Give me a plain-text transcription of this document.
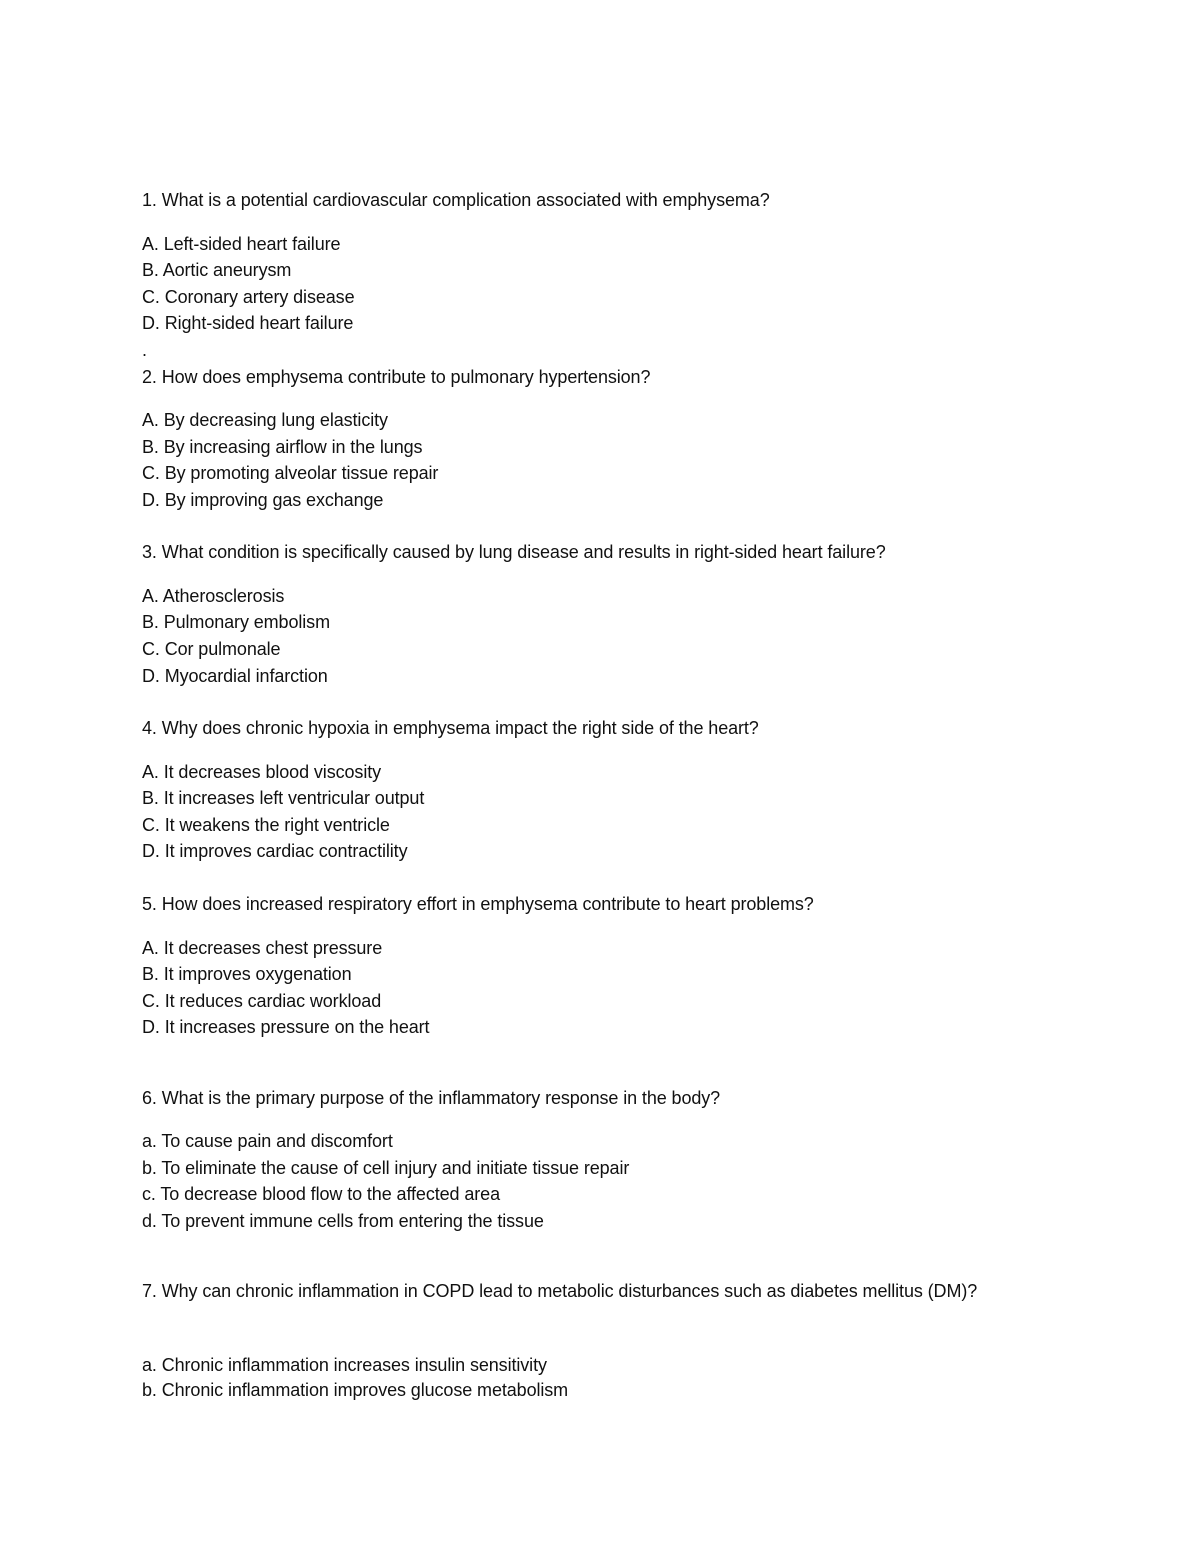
1. What is a potential cardiovascular complication associated with emphysema?
A. Left-sided heart failure
B. Aortic aneurysm
C. Coronary artery disease
D. Right-sided heart failure
.
2. How does emphysema contribute to pulmonary hypertension?
A. By decreasing lung elasticity
B. By increasing airflow in the lungs
C. By promoting alveolar tissue repair
D. By improving gas exchange
3. What condition is specifically caused by lung disease and results in right-sided heart failure?
A. Atherosclerosis
B. Pulmonary embolism
C. Cor pulmonale
D. Myocardial infarction
4. Why does chronic hypoxia in emphysema impact the right side of the heart?
A. It decreases blood viscosity
B. It increases left ventricular output
C. It weakens the right ventricle
D. It improves cardiac contractility
5. How does increased respiratory effort in emphysema contribute to heart problems?
A. It decreases chest pressure
B. It improves oxygenation
C. It reduces cardiac workload
D. It increases pressure on the heart
6. What is the primary purpose of the inflammatory response in the body?
a. To cause pain and discomfort
b. To eliminate the cause of cell injury and initiate tissue repair
c. To decrease blood flow to the affected area
d. To prevent immune cells from entering the tissue
7. Why can chronic inflammation in COPD lead to metabolic disturbances such as diabetes mellitus (DM)?
a. Chronic inflammation increases insulin sensitivity
b. Chronic inflammation improves glucose metabolism
